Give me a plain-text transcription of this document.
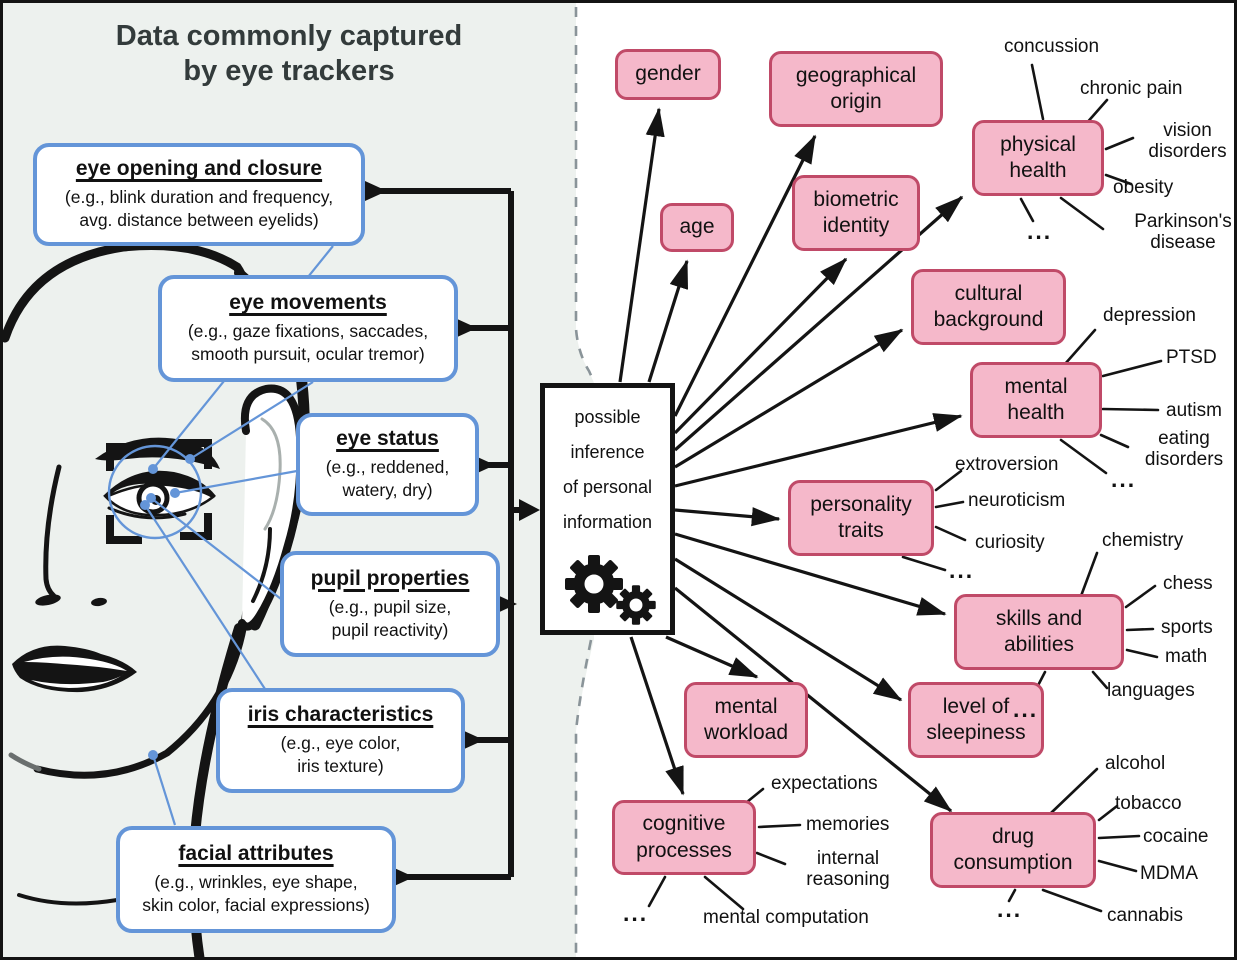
Data commonly captured
by eye trackers
eye opening and closure
(e.g., blink duration and frequency,
avg. distance between eyelids)
eye movements
(e.g., gaze fixations, saccades,
smooth pursuit, ocular tremor)
eye status
(e.g., reddened,
watery, dry)
pupil properties
(e.g., pupil size,
pupil reactivity)
iris characteristics
(e.g., eye color,
iris texture)
facial attributes
(e.g., wrinkles, eye shape,
skin color, facial expressions)
possible
inference
of personal
information
gender	geographical origin
age
biometric identity
physical health
cultural background
mental health
personality traits
skills and abilities
mental workload
level of sleepiness
cognitive processes
drug consumption
concussion
chronic pain
vision disorders
obesity
Parkinson's disease
...
depression
PTSD
autism
eating disorders
...
extroversion
neuroticism
curiosity
...
chemistry
chess
sports
math
languages
...
expectations
memories
internal reasoning
mental computation
...
alcohol
tobacco
cocaine
MDMA
cannabis
...
